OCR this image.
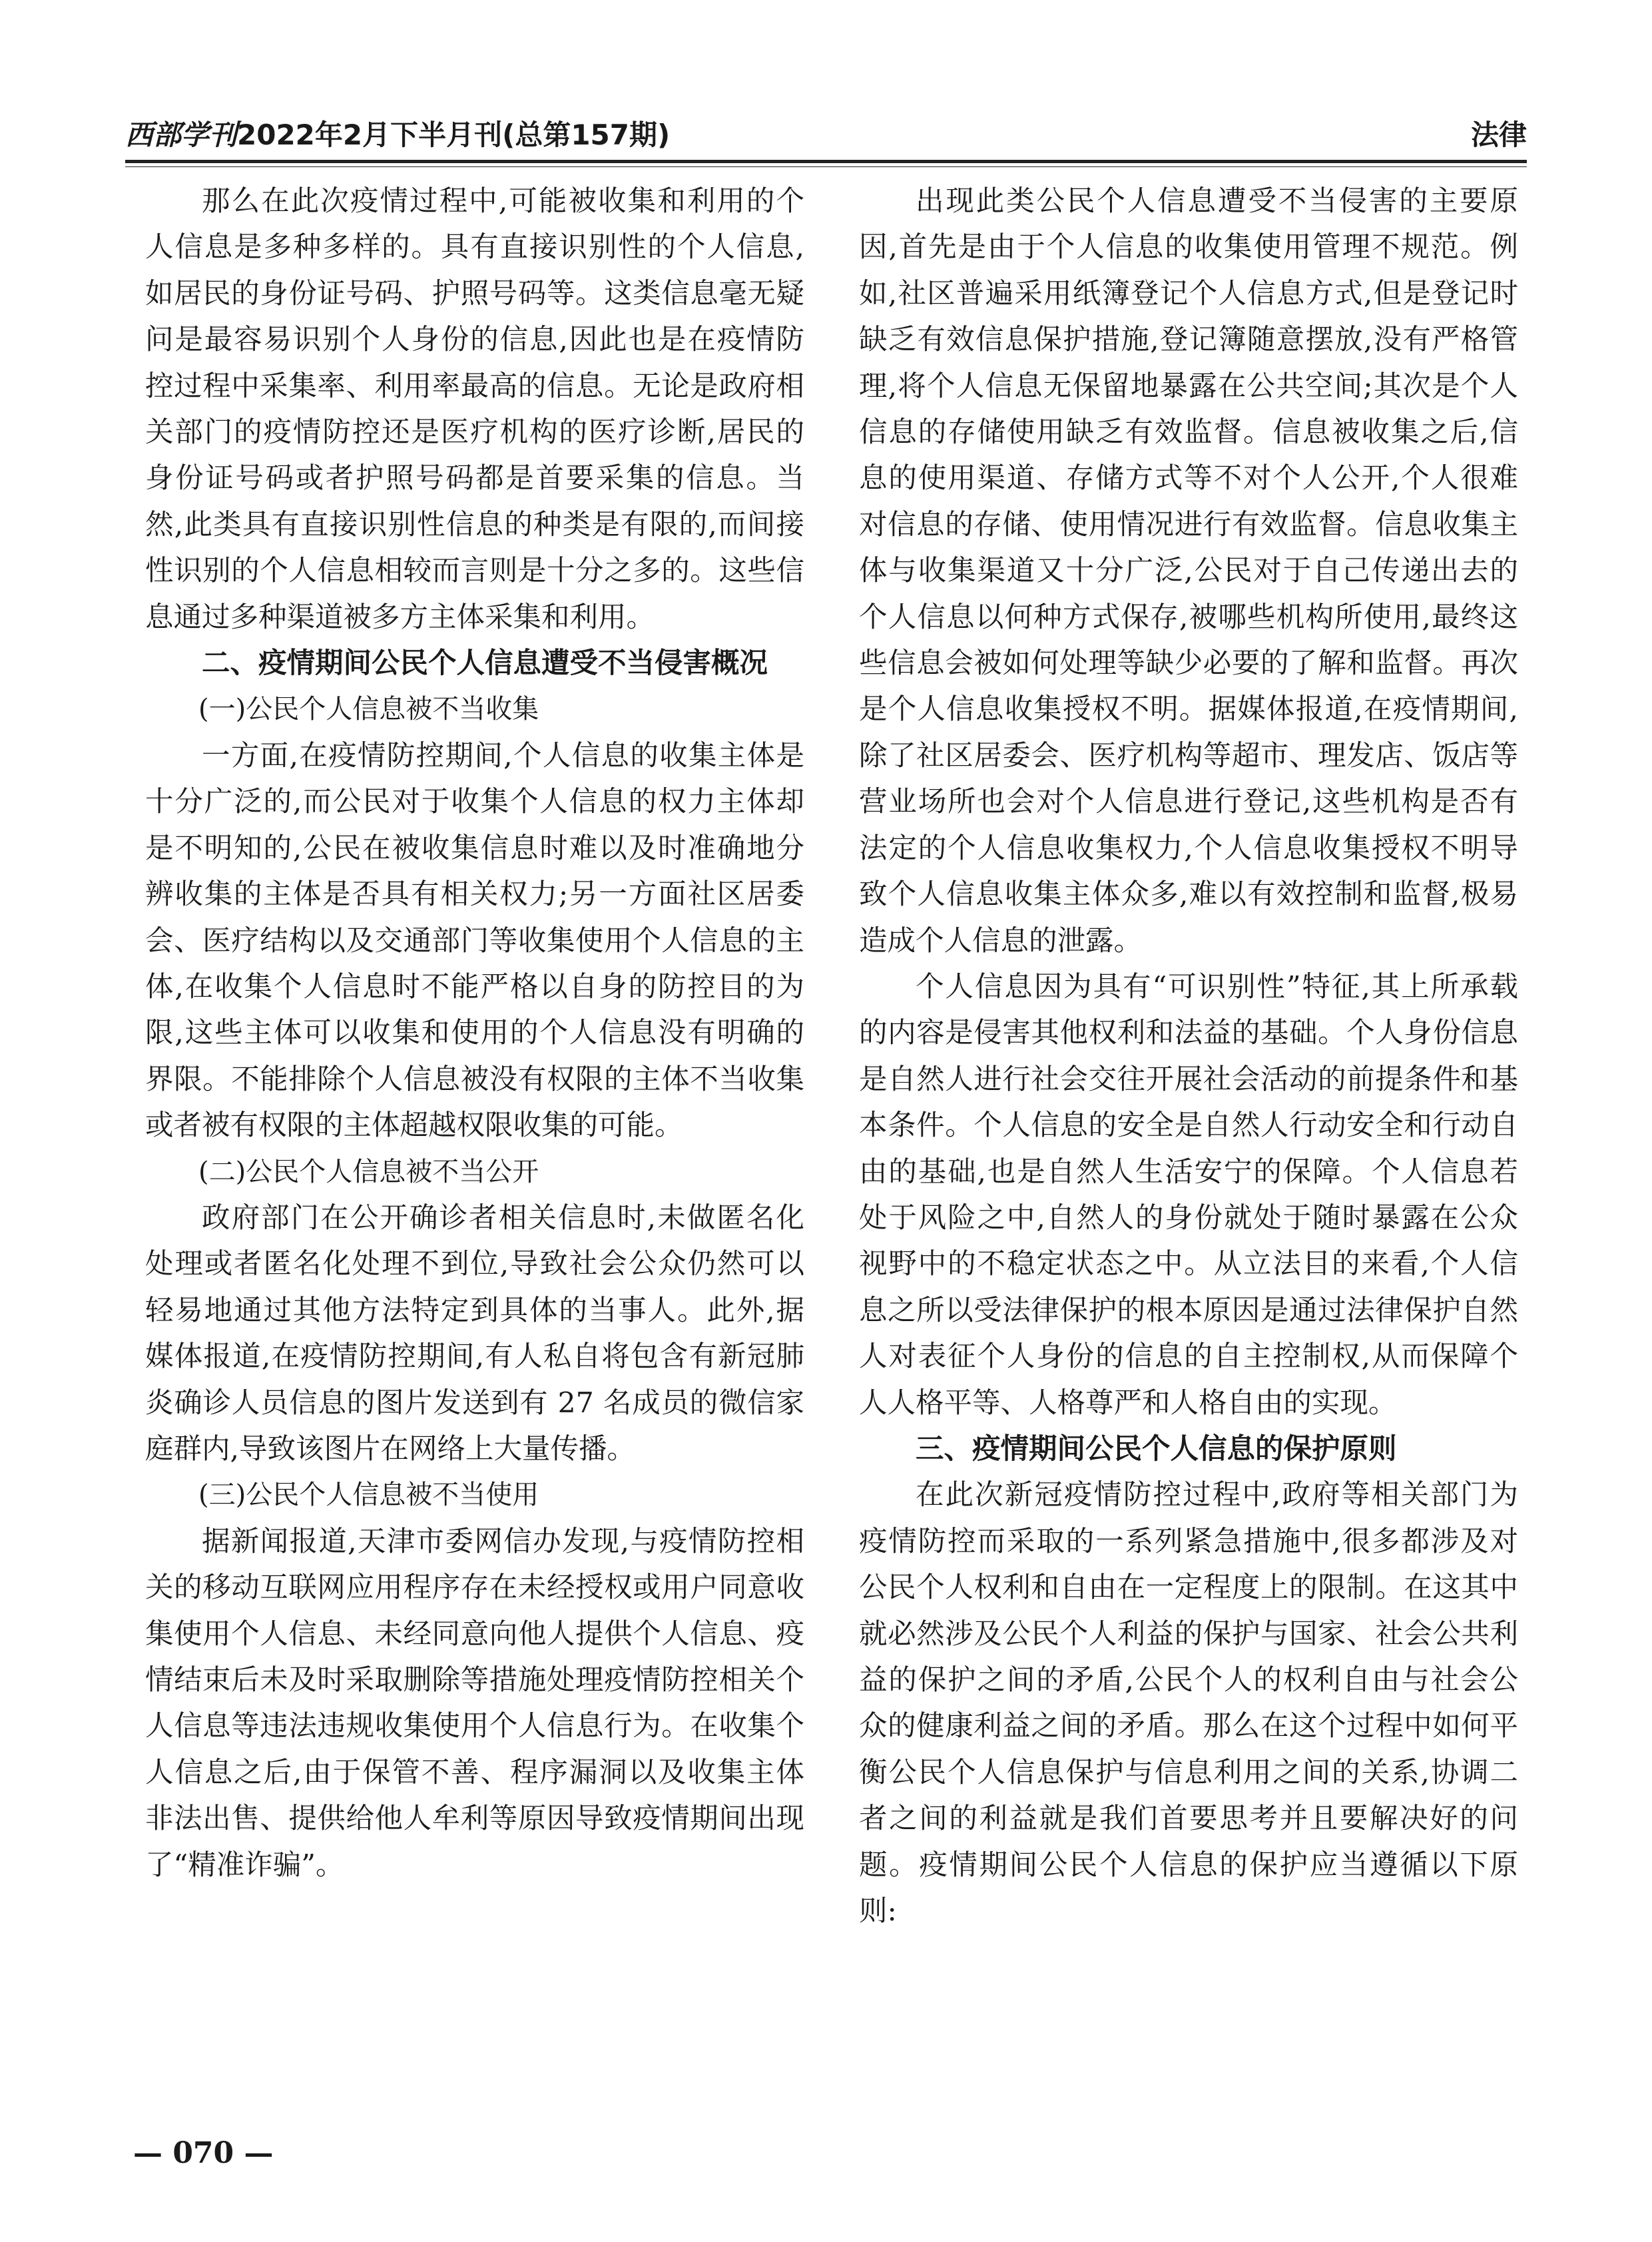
西部学刊2022年2月下半月刊(总第157期)	法律

那么在此次疫情过程中,可能被收集和利用的个人信息是多种多样的。具有直接识别性的个人信息,如居民的身份证号码、护照号码等。这类信息毫无疑问是最容易识别个人身份的信息,因此也是在疫情防控过程中采集率、利用率最高的信息。无论是政府相关部门的疫情防控还是医疗机构的医疗诊断,居民的身份证号码或者护照号码都是首要采集的信息。当然,此类具有直接识别性信息的种类是有限的,而间接性识别的个人信息相较而言则是十分之多的。这些信息通过多种渠道被多方主体采集和利用。

二、疫情期间公民个人信息遭受不当侵害概况
(一)公民个人信息被不当收集

一方面,在疫情防控期间,个人信息的收集主体是十分广泛的,而公民对于收集个人信息的权力主体却是不明知的,公民在被收集信息时难以及时准确地分辨收集的主体是否具有相关权力;另一方面社区居委会、医疗结构以及交通部门等收集使用个人信息的主体,在收集个人信息时不能严格以自身的防控目的为限,这些主体可以收集和使用的个人信息没有明确的界限。不能排除个人信息被没有权限的主体不当收集或者被有权限的主体超越权限收集的可能。

(二)公民个人信息被不当公开

政府部门在公开确诊者相关信息时,未做匿名化处理或者匿名化处理不到位,导致社会公众仍然可以轻易地通过其他方法特定到具体的当事人。此外,据媒体报道,在疫情防控期间,有人私自将包含有新冠肺炎确诊人员信息的图片发送到有 27 名成员的微信家庭群内,导致该图片在网络上大量传播。

(三)公民个人信息被不当使用

据新闻报道,天津市委网信办发现,与疫情防控相关的移动互联网应用程序存在未经授权或用户同意收集使用个人信息、未经同意向他人提供个人信息、疫情结束后未及时采取删除等措施处理疫情防控相关个人信息等违法违规收集使用个人信息行为。在收集个人信息之后,由于保管不善、程序漏洞以及收集主体非法出售、提供给他人牟利等原因导致疫情期间出现了“精准诈骗”。

出现此类公民个人信息遭受不当侵害的主要原因,首先是由于个人信息的收集使用管理不规范。例如,社区普遍采用纸簿登记个人信息方式,但是登记时缺乏有效信息保护措施,登记簿随意摆放,没有严格管理,将个人信息无保留地暴露在公共空间;其次是个人信息的存储使用缺乏有效监督。信息被收集之后,信息的使用渠道、存储方式等不对个人公开,个人很难对信息的存储、使用情况进行有效监督。信息收集主体与收集渠道又十分广泛,公民对于自己传递出去的个人信息以何种方式保存,被哪些机构所使用,最终这些信息会被如何处理等缺少必要的了解和监督。再次是个人信息收集授权不明。据媒体报道,在疫情期间,除了社区居委会、医疗机构等超市、理发店、饭店等营业场所也会对个人信息进行登记,这些机构是否有法定的个人信息收集权力,个人信息收集授权不明导致个人信息收集主体众多,难以有效控制和监督,极易造成个人信息的泄露。

个人信息因为具有“可识别性”特征,其上所承载的内容是侵害其他权利和法益的基础。个人身份信息是自然人进行社会交往开展社会活动的前提条件和基本条件。个人信息的安全是自然人行动安全和行动自由的基础,也是自然人生活安宁的保障。个人信息若处于风险之中,自然人的身份就处于随时暴露在公众视野中的不稳定状态之中。从立法目的来看,个人信息之所以受法律保护的根本原因是通过法律保护自然人对表征个人身份的信息的自主控制权,从而保障个人人格平等、人格尊严和人格自由的实现。

三、疫情期间公民个人信息的保护原则

在此次新冠疫情防控过程中,政府等相关部门为疫情防控而采取的一系列紧急措施中,很多都涉及对公民个人权利和自由在一定程度上的限制。在这其中就必然涉及公民个人利益的保护与国家、社会公共利益的保护之间的矛盾,公民个人的权利自由与社会公众的健康利益之间的矛盾。那么在这个过程中如何平衡公民个人信息保护与信息利用之间的关系,协调二者之间的利益就是我们首要思考并且要解决好的问题。疫情期间公民个人信息的保护应当遵循以下原则:

— 070 —
